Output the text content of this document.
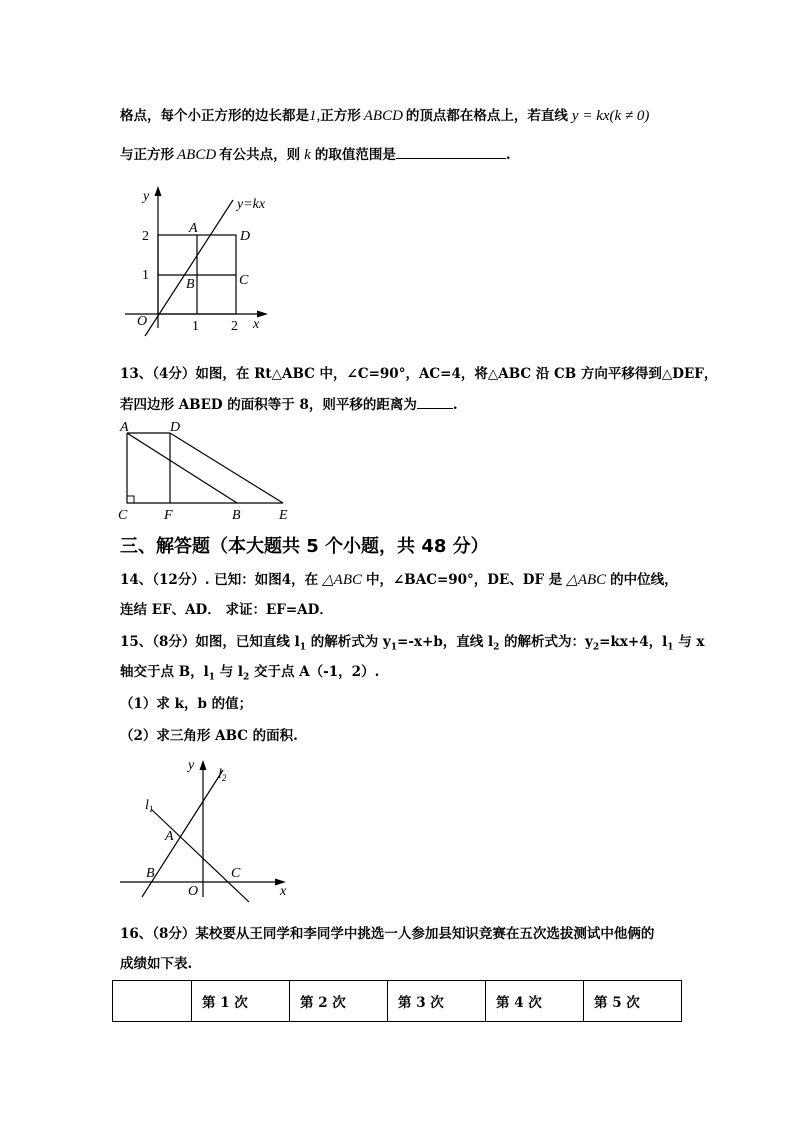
格点，每个小正方形的边长都是1,正方形 ABCD 的顶点都在格点上，若直线 y = kx(k ≠ 0)
与正方形 ABCD 有公共点，则 k 的取值范围是	.
y
x
O
y=kx
A
B	C
D
1 2
1
2
13、（4分）如图，在 Rt△ABC 中，∠C=90°，AC=4，将△ABC 沿 CB 方向平移得到△DEF，
若四边形 ABED 的面积等于 8，则平移的距离为	.
A	D
C	F	B	E
三、解答题（本大题共 5 个小题，共 48 分）
14、（12分）. 已知：如图4，在 △ABC 中，∠BAC=90°，DE、DF 是 △ABC 的中位线，
连结 EF、AD． 求证：EF=AD．
15、（8分）如图，已知直线 $l_1$ 的解析式为 $y_1=-x+b$，直线 $l_2$ 的解析式为：$y_2=kx+4$，$l_1$ 与 x
轴交于点 B，$l_1$ 与 $l_2$ 交于点 A（-1，2）.
（1）求 k，b 的值；
（2）求三角形 ABC 的面积.
y
x
O
A
B	C
$l_1$
$l_2$
16、（8分）某校要从王同学和李同学中挑选一人参加县知识竞赛在五次选拔测试中他俩的
成绩如下表.
	第 1 次	第 2 次	第 3 次	第 4 次	第 5 次
